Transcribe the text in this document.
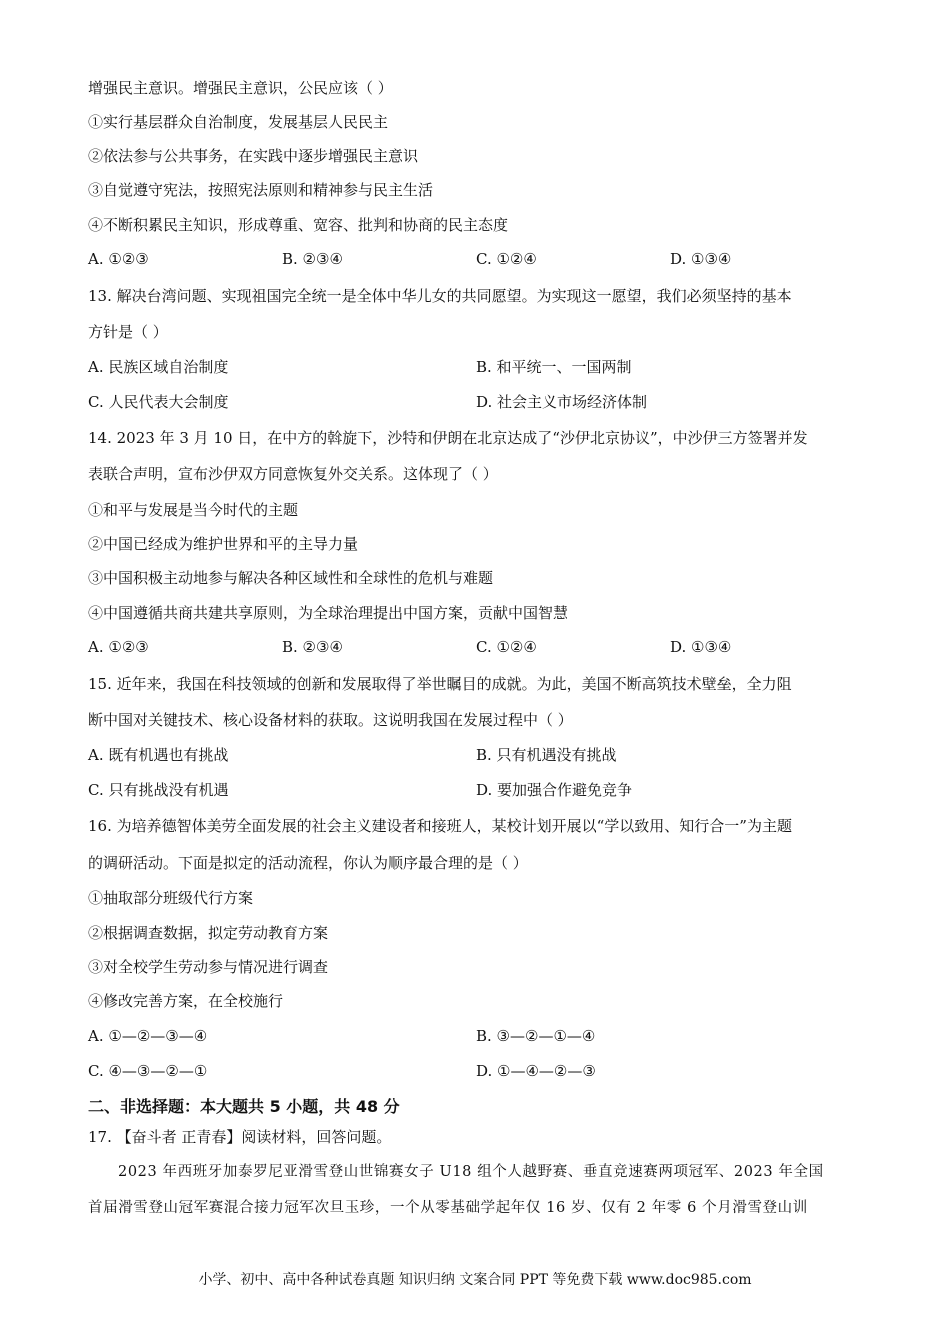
增强民主意识。增强民主意识，公民应该（ ）
①实行基层群众自治制度，发展基层人民民主
②依法参与公共事务，在实践中逐步增强民主意识
③自觉遵守宪法，按照宪法原则和精神参与民主生活
④不断积累民主知识，形成尊重、宽容、批判和协商的民主态度
A. ①②③	B. ②③④	C. ①②④	D. ①③④
13. 解决台湾问题、实现祖国完全统一是全体中华儿女的共同愿望。为实现这一愿望，我们必须坚持的基本
方针是（ ）
A. 民族区域自治制度	B. 和平统一、一国两制
C. 人民代表大会制度	D. 社会主义市场经济体制
14. 2023 年 3 月 10 日，在中方的斡旋下，沙特和伊朗在北京达成了“沙伊北京协议”，中沙伊三方签署并发
表联合声明，宣布沙伊双方同意恢复外交关系。这体现了（ ）
①和平与发展是当今时代的主题
②中国已经成为维护世界和平的主导力量
③中国积极主动地参与解决各种区域性和全球性的危机与难题
④中国遵循共商共建共享原则，为全球治理提出中国方案，贡献中国智慧
A. ①②③	B. ②③④	C. ①②④	D. ①③④
15. 近年来，我国在科技领域的创新和发展取得了举世瞩目的成就。为此，美国不断高筑技术壁垒，全力阻
断中国对关键技术、核心设备材料的获取。这说明我国在发展过程中（ ）
A. 既有机遇也有挑战	B. 只有机遇没有挑战
C. 只有挑战没有机遇	D. 要加强合作避免竞争
16. 为培养德智体美劳全面发展的社会主义建设者和接班人，某校计划开展以“学以致用、知行合一”为主题
的调研活动。下面是拟定的活动流程，你认为顺序最合理的是（ ）
①抽取部分班级代行方案
②根据调查数据，拟定劳动教育方案
③对全校学生劳动参与情况进行调查
④修改完善方案，在全校施行
A. ①—②—③—④	B. ③—②—①—④
C. ④—③—②—①	D. ①—④—②—③
二、非选择题：本大题共 5 小题，共 48 分
17. 【奋斗者 正青春】阅读材料，回答问题。
2023 年西班牙加泰罗尼亚滑雪登山世锦赛女子 U18 组个人越野赛、垂直竞速赛两项冠军、2023 年全国
首届滑雪登山冠军赛混合接力冠军次旦玉珍，一个从零基础学起年仅 16 岁、仅有 2 年零 6 个月滑雪登山训
小学、初中、高中各种试卷真题 知识归纳 文案合同 PPT 等免费下载 www.doc985.com
